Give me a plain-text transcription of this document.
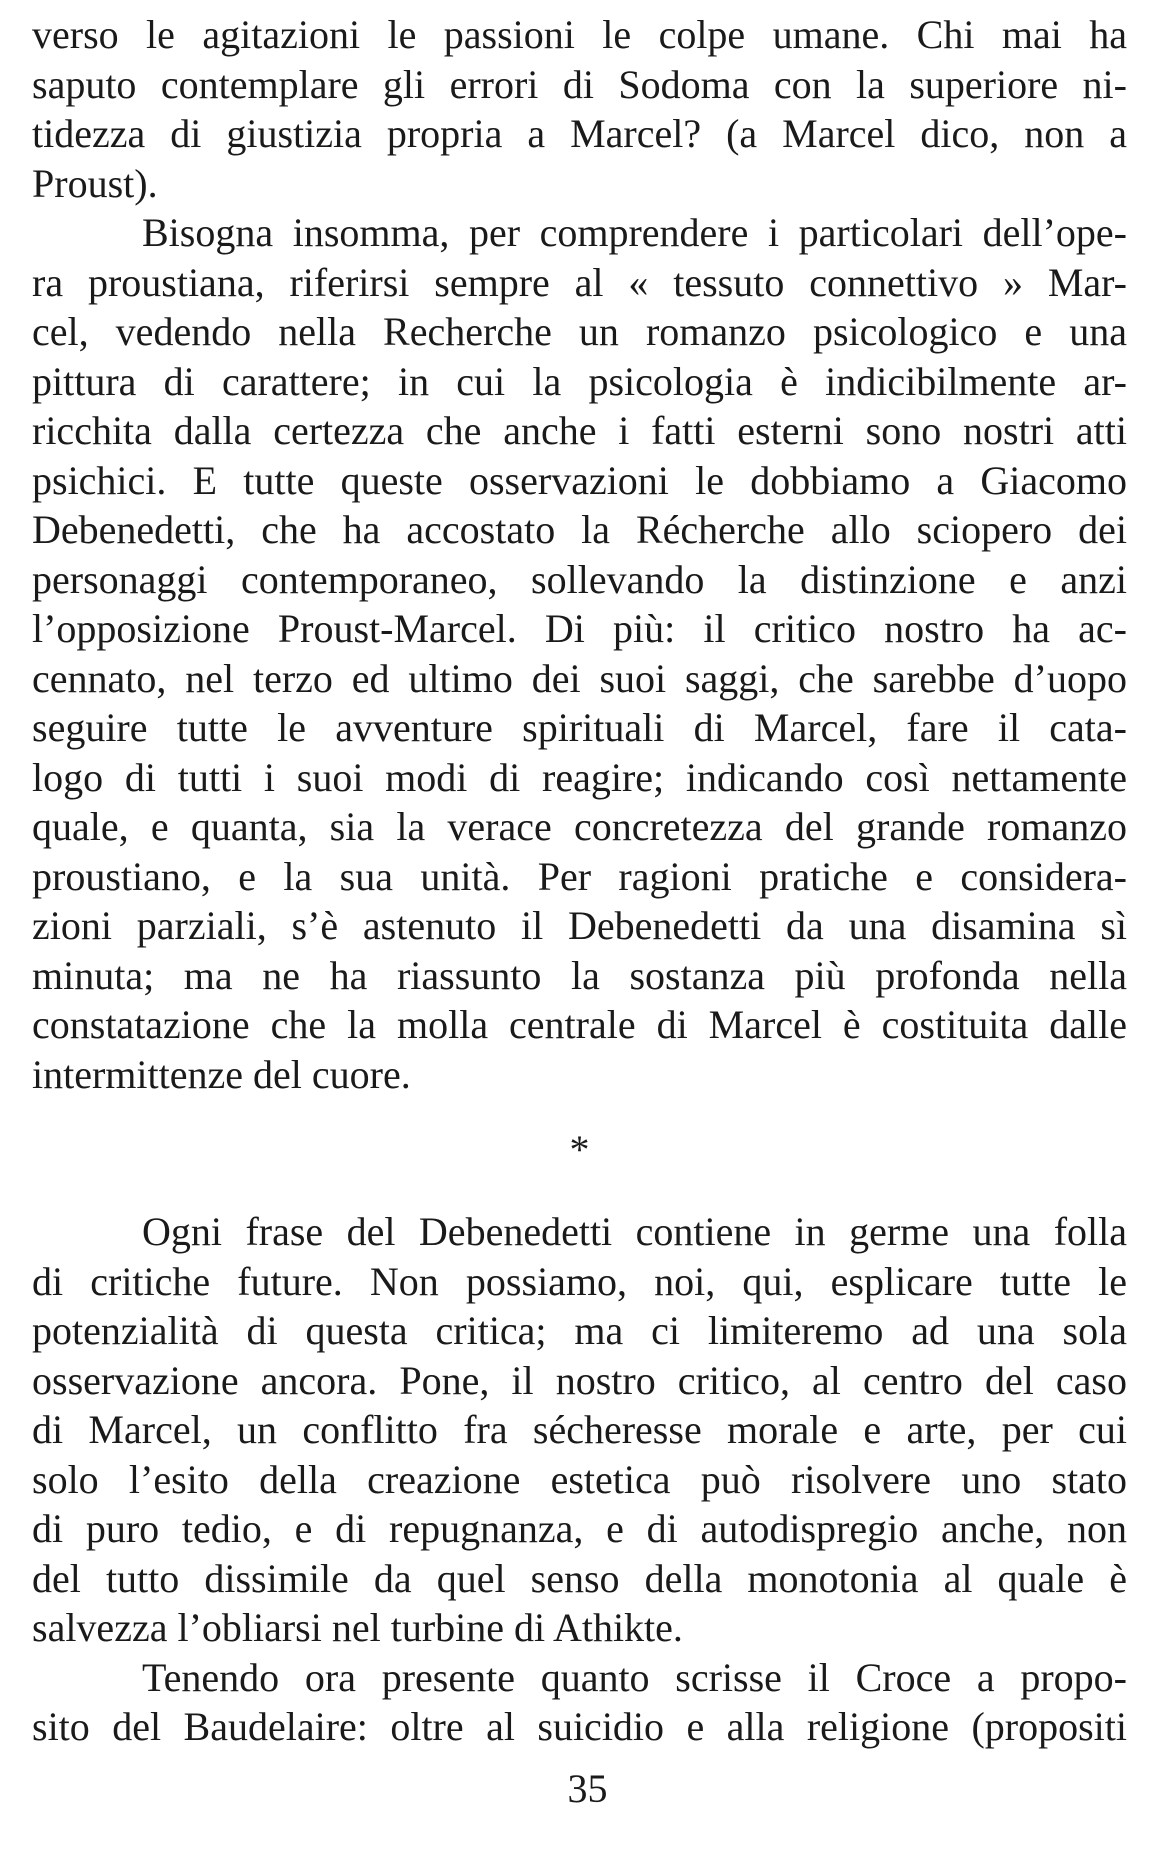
verso le agitazioni le passioni le colpe umane. Chi mai ha
saputo contemplare gli errori di Sodoma con la superiore ni-
tidezza di giustizia propria a Marcel? (a Marcel dico, non a
Proust).
Bisogna insomma, per comprendere i particolari dell’ope-
ra proustiana, riferirsi sempre al « tessuto connettivo » Mar-
cel, vedendo nella Recherche un romanzo psicologico e una
pittura di carattere; in cui la psicologia è indicibilmente ar-
ricchita dalla certezza che anche i fatti esterni sono nostri atti
psichici. E tutte queste osservazioni le dobbiamo a Giacomo
Debenedetti, che ha accostato la Récherche allo sciopero dei
personaggi contemporaneo, sollevando la distinzione e anzi
l’opposizione Proust-Marcel. Di più: il critico nostro ha ac-
cennato, nel terzo ed ultimo dei suoi saggi, che sarebbe d’uopo
seguire tutte le avventure spirituali di Marcel, fare il cata-
logo di tutti i suoi modi di reagire; indicando così nettamente
quale, e quanta, sia la verace concretezza del grande romanzo
proustiano, e la sua unità. Per ragioni pratiche e considera-
zioni parziali, s’è astenuto il Debenedetti da una disamina sì
minuta; ma ne ha riassunto la sostanza più profonda nella
constatazione che la molla centrale di Marcel è costituita dalle
intermittenze del cuore.
*
Ogni frase del Debenedetti contiene in germe una folla
di critiche future. Non possiamo, noi, qui, esplicare tutte le
potenzialità di questa critica; ma ci limiteremo ad una sola
osservazione ancora. Pone, il nostro critico, al centro del caso
di Marcel, un conflitto fra sécheresse morale e arte, per cui
solo l’esito della creazione estetica può risolvere uno stato
di puro tedio, e di repugnanza, e di autodispregio anche, non
del tutto dissimile da quel senso della monotonia al quale è
salvezza l’obliarsi nel turbine di Athikte.
Tenendo ora presente quanto scrisse il Croce a propo-
sito del Baudelaire: oltre al suicidio e alla religione (propositi
35
